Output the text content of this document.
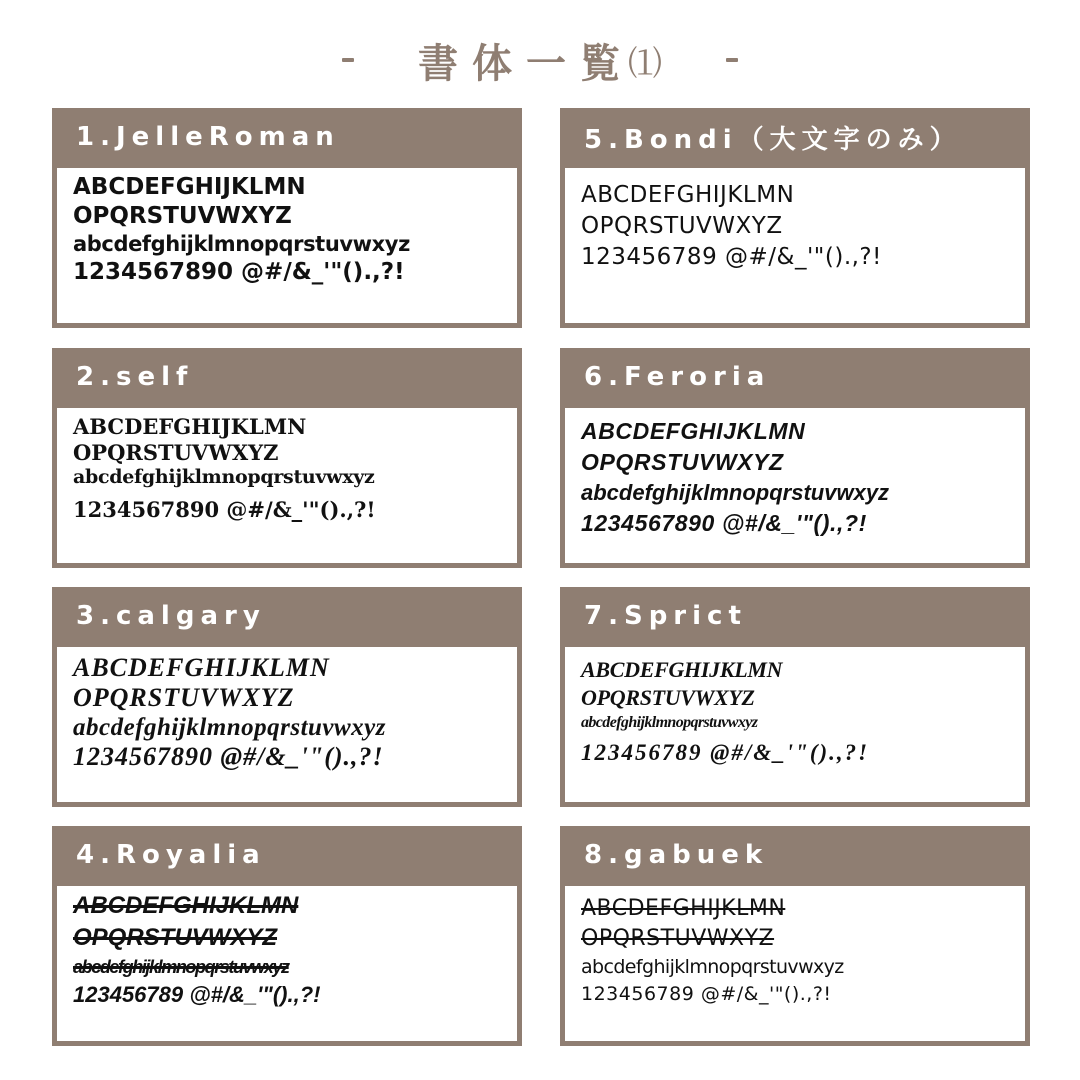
書体一覧
⑴
1.JelleRoman
ABCDEFGHIJKLMN
OPQRSTUVWXYZ
abcdefghijklmnopqrstuvwxyz
1234567890 @#/&_'"().,?!
2.self
ABCDEFGHIJKLMN
OPQRSTUVWXYZ
abcdefghijklmnopqrstuvwxyz
1234567890 @#/&_'"().,?!
3.calgary
ABCDEFGHIJKLMN
OPQRSTUVWXYZ
abcdefghijklmnopqrstuvwxyz
1234567890 @#/&_'"().,?!
4.Royalia
ABCDEFGHIJKLMN
OPQRSTUVWXYZ
abcdefghijklmnopqrstuvwxyz
123456789 @#/&_'"().,?!
5.Bondi（大文字のみ）
ABCDEFGHIJKLMN
OPQRSTUVWXYZ
123456789 @#/&_'"().,?!
6.Feroria
ABCDEFGHIJKLMN
OPQRSTUVWXYZ
abcdefghijklmnopqrstuvwxyz
1234567890 @#/&_'"().,?!
7.Sprict
ABCDEFGHIJKLMN
OPQRSTUVWXYZ
abcdefghijklmnopqrstuvwxyz
123456789 @#/&_'"().,?!
8.gabuek
ABCDEFGHIJKLMN
OPQRSTUVWXYZ
abcdefghijklmnopqrstuvwxyz
123456789 @#/&_'"().,?!
